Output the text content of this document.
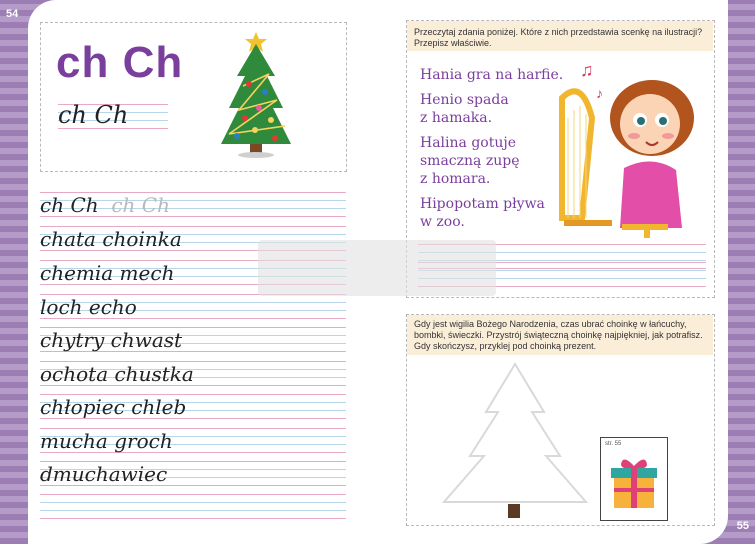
54
55
ch Ch
ch Ch
ch Ch ch Ch
chata choinka
chemia mech
loch echo
chytry chwast
ochota chustka
chłopiec chleb
mucha groch
dmuchawiec
Przeczytaj zdania poniżej. Które z nich przedstawia scenkę na ilustracji? Przepisz właściwie.

Hania gra na harfie.

Henio spada
z hamaka.

Halina gotuje
smaczną zupę
z homara.

Hipopotam pływa
w zoo.

♫
♪
Gdy jest wigilia Bożego Narodzenia, czas ubrać choinkę w łańcuchy, bombki, świeczki. Przystrój świąteczną choinkę najpiękniej, jak potrafisz. Gdy skończysz, przyklej pod choinką prezent.
str. 55
